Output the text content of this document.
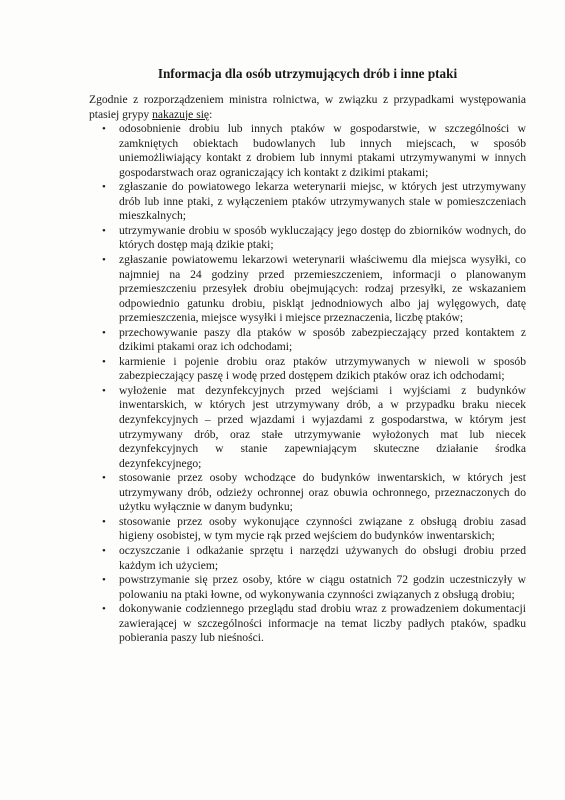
Informacja dla osób utrzymujących drób i inne ptaki

Zgodnie z rozporządzeniem ministra rolnictwa, w związku z przypadkami występowania ptasiej grypy nakazuje się:

• odosobnienie drobiu lub innych ptaków w gospodarstwie, w szczególności w zamkniętych obiektach budowlanych lub innych miejscach, w sposób uniemożliwiający kontakt z drobiem lub innymi ptakami utrzymywanymi w innych gospodarstwach oraz ograniczający ich kontakt z dzikimi ptakami;
• zgłaszanie do powiatowego lekarza weterynarii miejsc, w których jest utrzymywany drób lub inne ptaki, z wyłączeniem ptaków utrzymywanych stale w pomieszczeniach mieszkalnych;
• utrzymywanie drobiu w sposób wykluczający jego dostęp do zbiorników wodnych, do których dostęp mają dzikie ptaki;
• zgłaszanie powiatowemu lekarzowi weterynarii właściwemu dla miejsca wysyłki, co najmniej na 24 godziny przed przemieszczeniem, informacji o planowanym przemieszczeniu przesyłek drobiu obejmujących: rodzaj przesyłki, ze wskazaniem odpowiednio gatunku drobiu, piskląt jednodniowych albo jaj wylęgowych, datę przemieszczenia, miejsce wysyłki i miejsce przeznaczenia, liczbę ptaków;
• przechowywanie paszy dla ptaków w sposób zabezpieczający przed kontaktem z dzikimi ptakami oraz ich odchodami;
• karmienie i pojenie drobiu oraz ptaków utrzymywanych w niewoli w sposób zabezpieczający paszę i wodę przed dostępem dzikich ptaków oraz ich odchodami;
• wyłożenie mat dezynfekcyjnych przed wejściami i wyjściami z budynków inwentarskich, w których jest utrzymywany drób, a w przypadku braku niecek dezynfekcyjnych – przed wjazdami i wyjazdami z gospodarstwa, w którym jest utrzymywany drób, oraz stałe utrzymywanie wyłożonych mat lub niecek dezynfekcyjnych w stanie zapewniającym skuteczne działanie środka dezynfekcyjnego;
• stosowanie przez osoby wchodzące do budynków inwentarskich, w których jest utrzymywany drób, odzieży ochronnej oraz obuwia ochronnego, przeznaczonych do użytku wyłącznie w danym budynku;
• stosowanie przez osoby wykonujące czynności związane z obsługą drobiu zasad higieny osobistej, w tym mycie rąk przed wejściem do budynków inwentarskich;
• oczyszczanie i odkażanie sprzętu i narzędzi używanych do obsługi drobiu przed każdym ich użyciem;
• powstrzymanie się przez osoby, które w ciągu ostatnich 72 godzin uczestniczyły w polowaniu na ptaki łowne, od wykonywania czynności związanych z obsługą drobiu;
• dokonywanie codziennego przeglądu stad drobiu wraz z prowadzeniem dokumentacji zawierającej w szczególności informacje na temat liczby padłych ptaków, spadku pobierania paszy lub nieśności.
